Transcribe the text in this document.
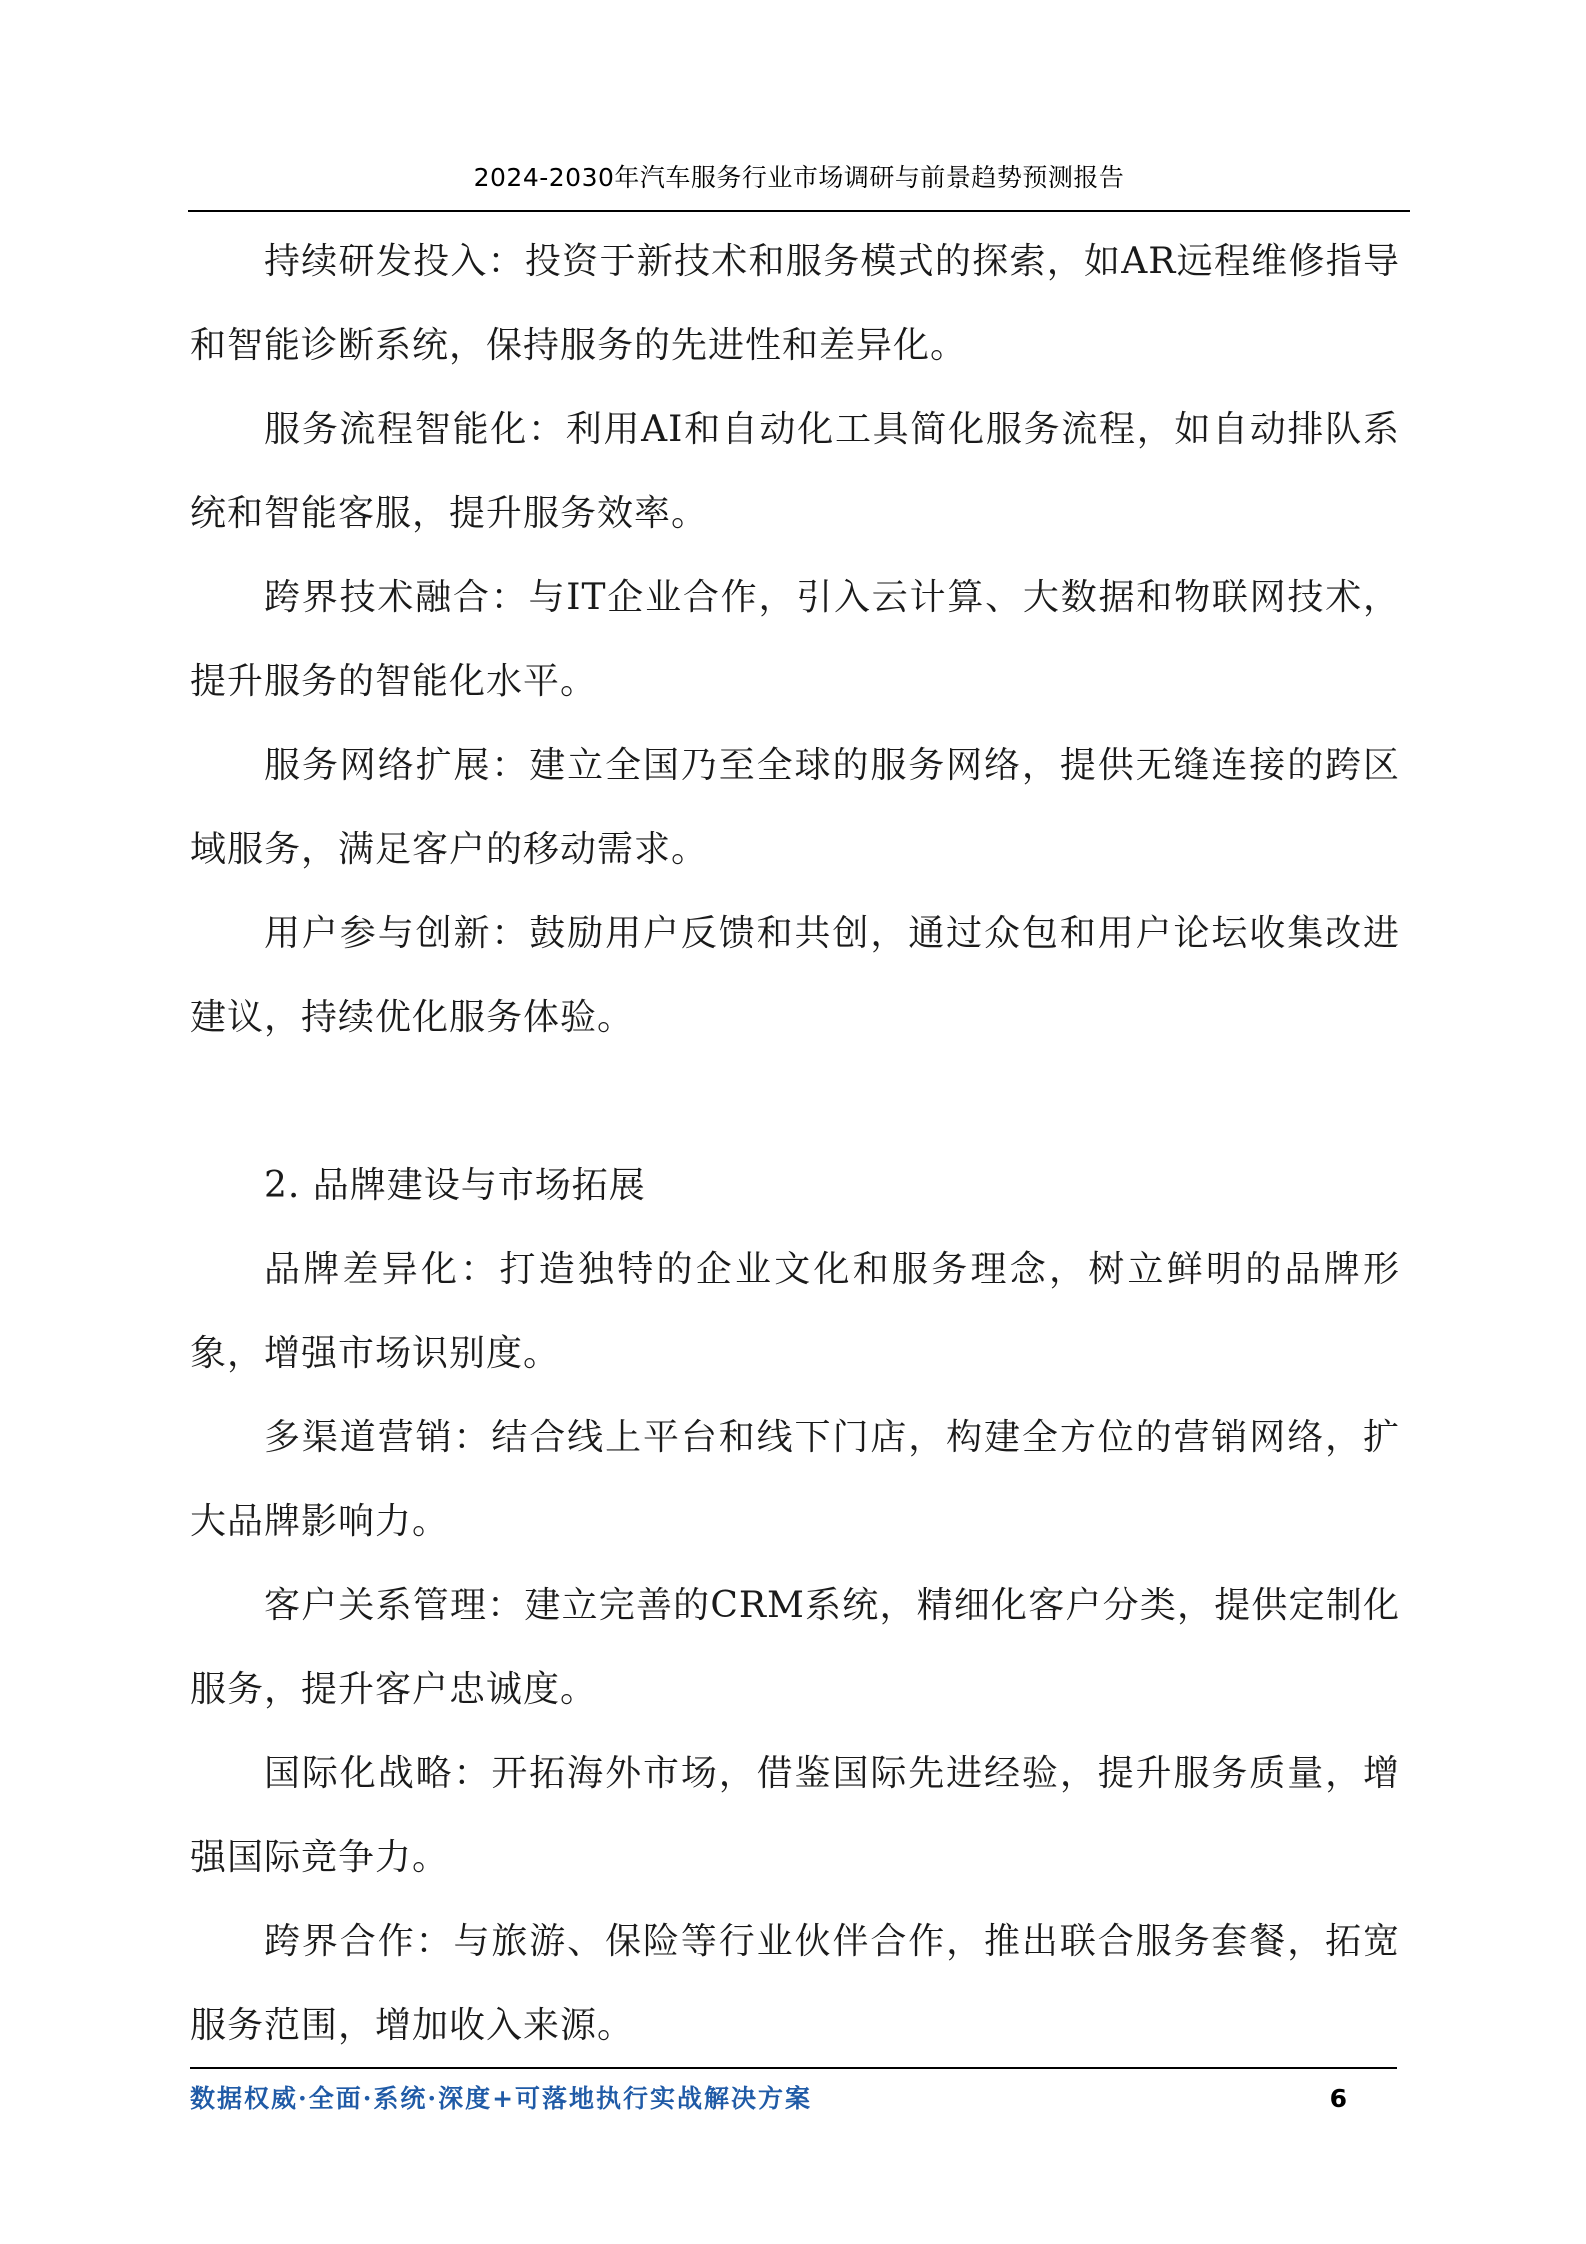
2024-2030年汽车服务行业市场调研与前景趋势预测报告

持续研发投入：投资于新技术和服务模式的探索，如AR远程维修指导和智能诊断系统，保持服务的先进性和差异化。

服务流程智能化：利用AI和自动化工具简化服务流程，如自动排队系统和智能客服，提升服务效率。

跨界技术融合：与IT企业合作，引入云计算、大数据和物联网技术，提升服务的智能化水平。

服务网络扩展：建立全国乃至全球的服务网络，提供无缝连接的跨区域服务，满足客户的移动需求。

用户参与创新：鼓励用户反馈和共创，通过众包和用户论坛收集改进建议，持续优化服务体验。

2. 品牌建设与市场拓展

品牌差异化：打造独特的企业文化和服务理念，树立鲜明的品牌形象，增强市场识别度。

多渠道营销：结合线上平台和线下门店，构建全方位的营销网络，扩大品牌影响力。

客户关系管理：建立完善的CRM系统，精细化客户分类，提供定制化服务，提升客户忠诚度。

国际化战略：开拓海外市场，借鉴国际先进经验，提升服务质量，增强国际竞争力。

跨界合作：与旅游、保险等行业伙伴合作，推出联合服务套餐，拓宽服务范围，增加收入来源。

数据权威·全面·系统·深度+可落地执行实战解决方案	6
